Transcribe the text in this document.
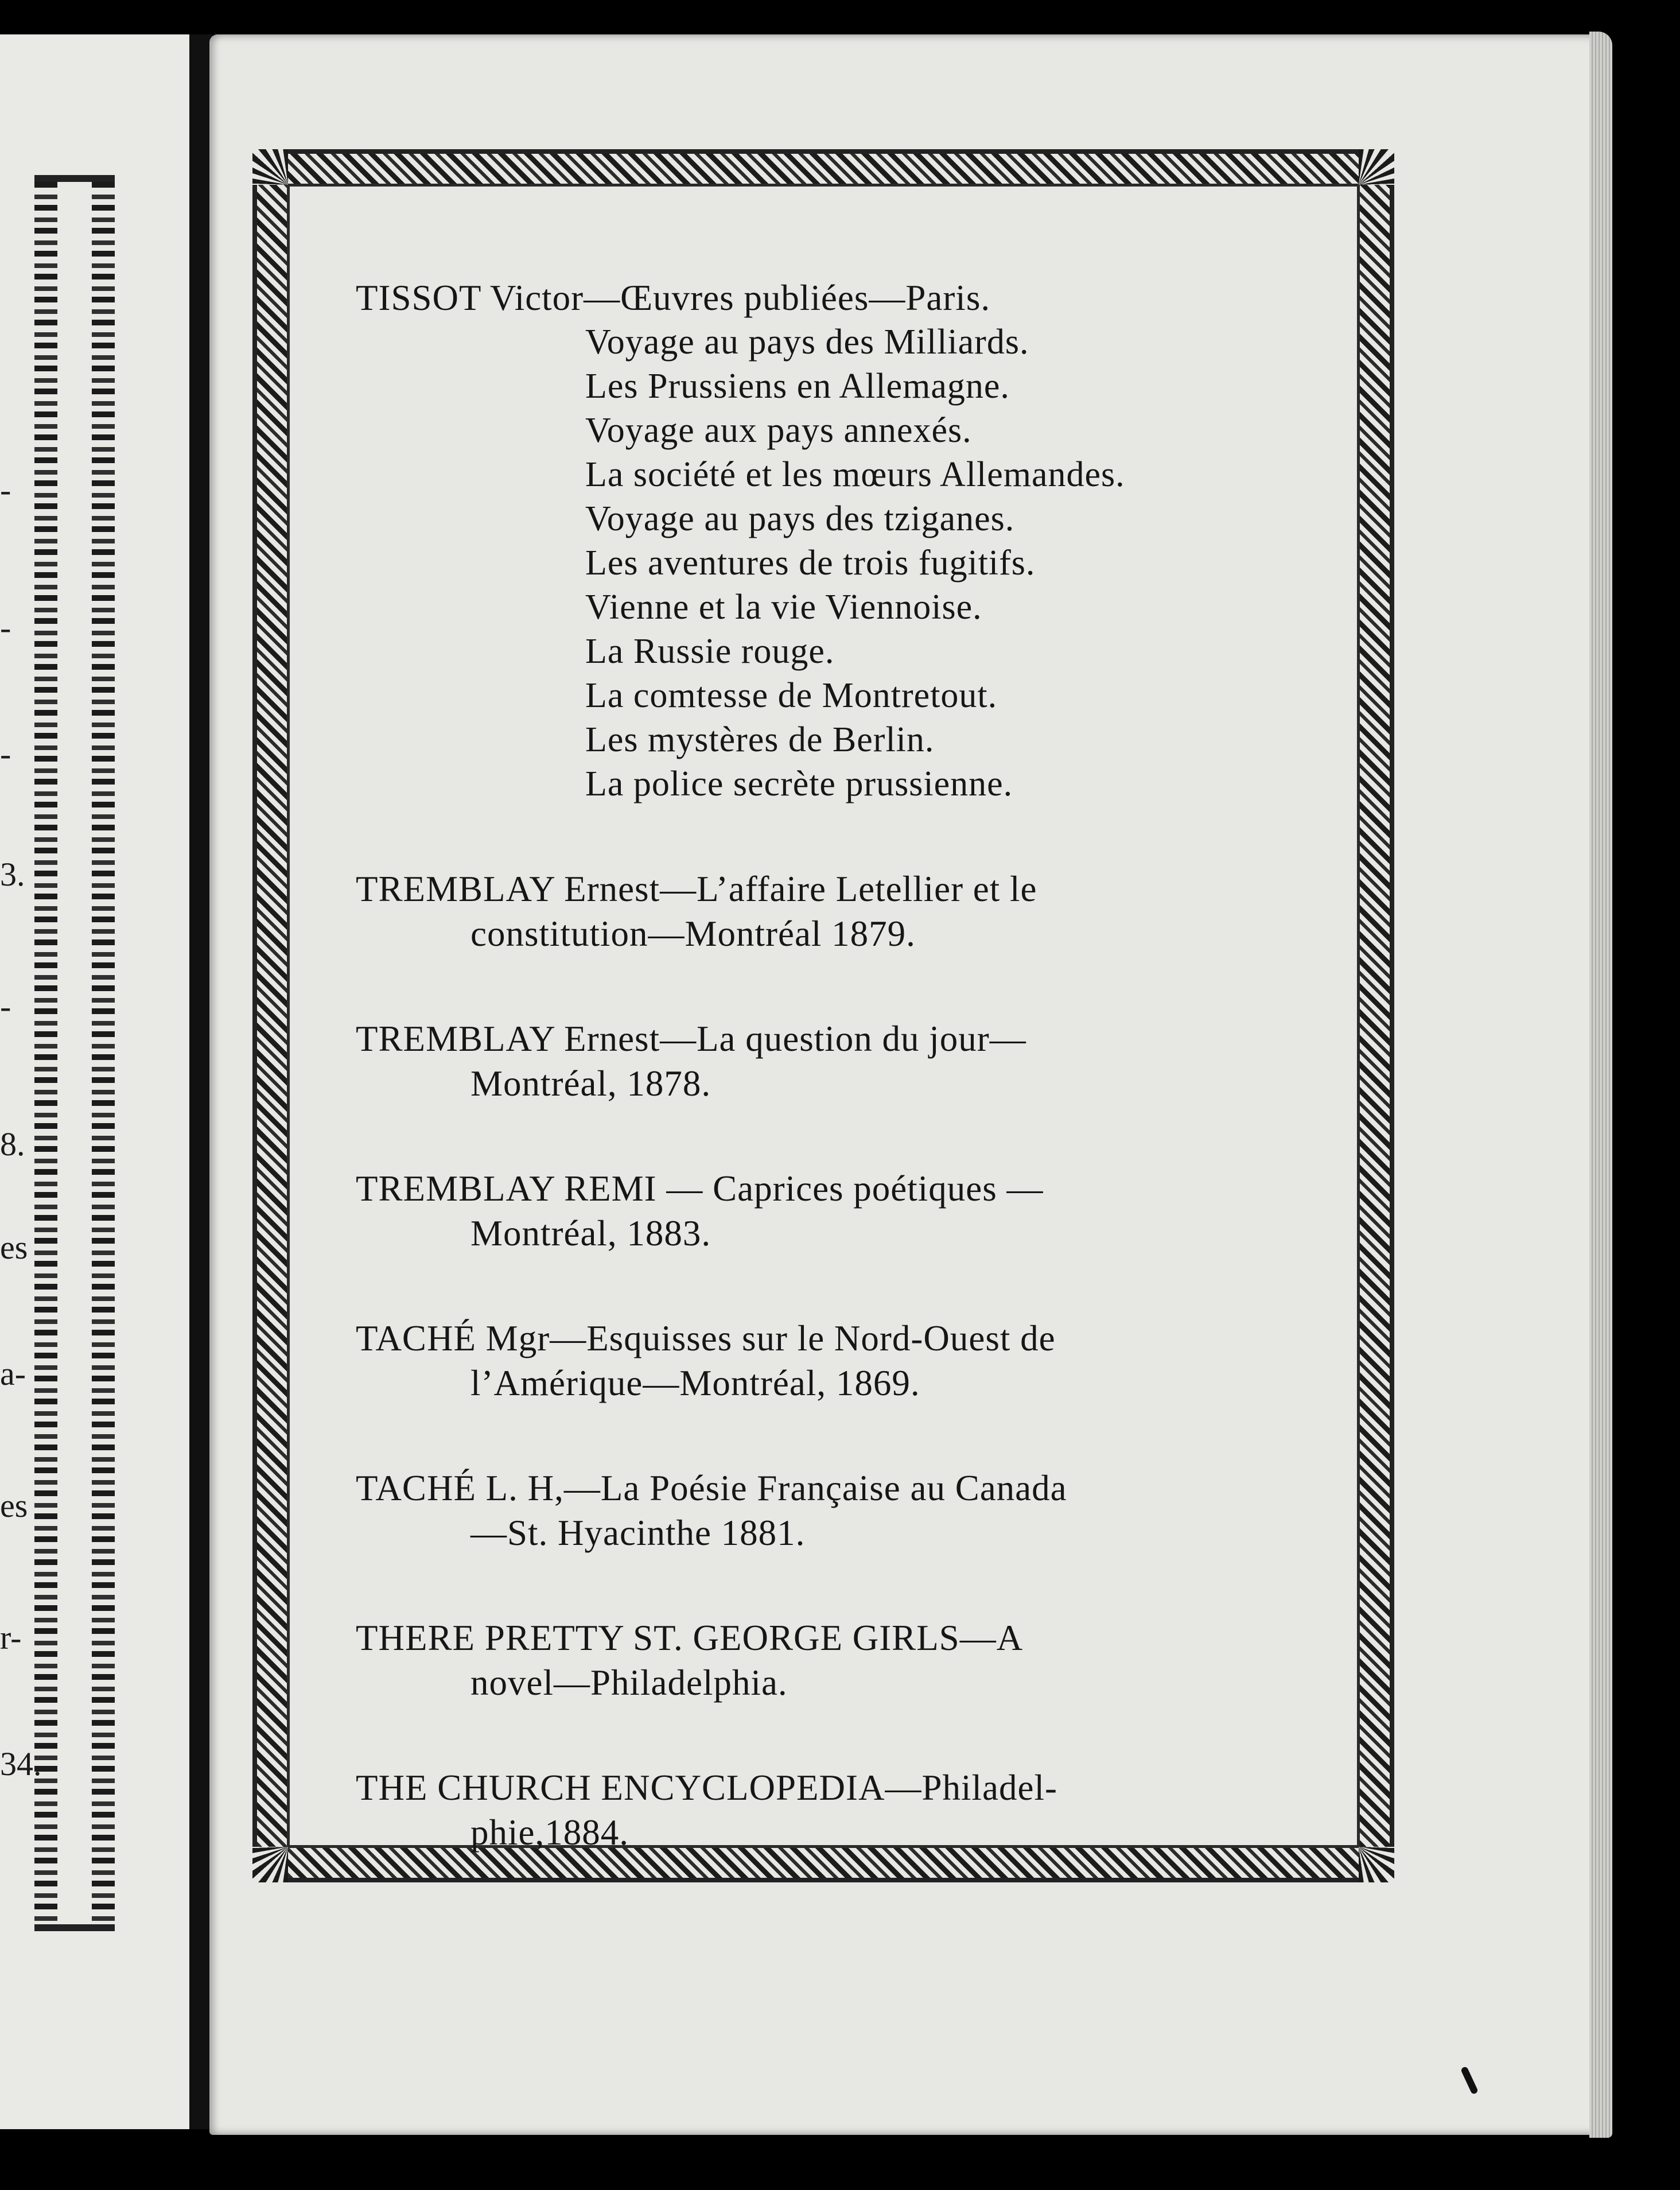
-
-
-
3.
-
8.
es
a-
es
r-
34.
TISSOT Victor—Œuvres publiées—Paris.
Voyage au pays des Milliards.
Les Prussiens en Allemagne.
Voyage aux pays annexés.
La société et les mœurs Allemandes.
Voyage au pays des tziganes.
Les aventures de trois fugitifs.
Vienne et la vie Viennoise.
La Russie rouge.
La comtesse de Montretout.
Les mystères de Berlin.
La police secrète prussienne.
TREMBLAY Ernest—L’affaire Letellier et le
constitution—Montréal 1879.
TREMBLAY Ernest—La question du jour—
Montréal, 1878.
TREMBLAY REMI — Caprices poétiques —
Montréal, 1883.
TACHÉ Mgr—Esquisses sur le Nord-Ouest de
l’Amérique—Montréal, 1869.
TACHÉ L. H,—La Poésie Française au Canada
—St. Hyacinthe 1881.
THERE PRETTY ST. GEORGE GIRLS—A
novel—Philadelphia.
THE CHURCH ENCYCLOPEDIA—Philadel-
phie,1884.
